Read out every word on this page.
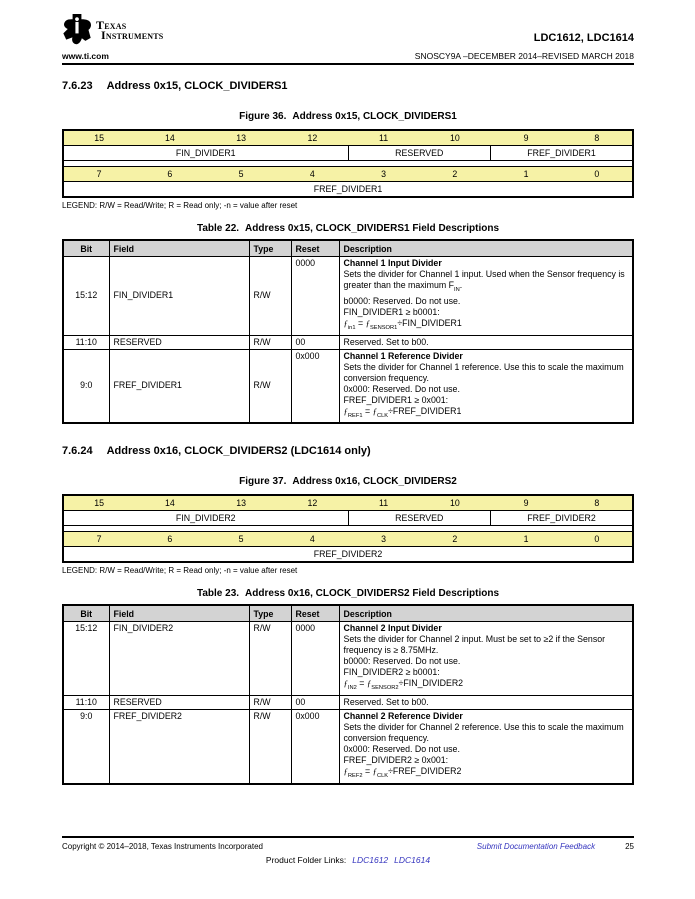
Texas
Instruments	LDC1612, LDC1614
www.ti.com	SNOSCY9A –DECEMBER 2014–REVISED MARCH 2018
7.6.23 Address 0x15, CLOCK_DIVIDERS1
Figure 36. Address 0x15, CLOCK_DIVIDERS1
15	14	13	12	11	10	9	8
FIN_DIVIDER1				RESERVED		FREF_DIVIDER1	

7	6	5	4	3	2	1	0
FREF_DIVIDER1							
LEGEND: R/W = Read/Write; R = Read only; -n = value after reset
Table 22. Address 0x15, CLOCK_DIVIDERS1 Field Descriptions
Bit	Field	Type	Reset	Description
15:12	FIN_DIVIDER1	R/W	0000	Channel 1 Input Divider
Sets the divider for Channel 1 input. Used when the Sensor frequency is greater than the maximum $F_{IN}$.
b0000: Reserved. Do not use.
FIN_DIVIDER1 ≥ b0001:
$ƒ_{in1}$ = $ƒ_{SENSOR1}\div FIN\_DIVIDER1$

11:10	RESERVED	R/W	00	Reserved. Set to b00.

9:0	FREF_DIVIDER1	R/W	0x000	Channel 1 Reference Divider
Sets the divider for Channel 1 reference. Use this to scale the maximum conversion frequency.
0x000: Reserved. Do not use.
FREF_DIVIDER1 ≥ 0x001:
$ƒ_{REF1}$ = $ƒ_{CLK}\div FREF\_DIVIDER1$
7.6.24 Address 0x16, CLOCK_DIVIDERS2 (LDC1614 only)
Figure 37. Address 0x16, CLOCK_DIVIDERS2
15	14	13	12	11	10	9	8
FIN_DIVIDER2				RESERVED		FREF_DIVIDER2	

7	6	5	4	3	2	1	0
FREF_DIVIDER2							
LEGEND: R/W = Read/Write; R = Read only; -n = value after reset
Table 23. Address 0x16, CLOCK_DIVIDERS2 Field Descriptions
Bit	Field	Type	Reset	Description
15:12	FIN_DIVIDER2	R/W	0000	Channel 2 Input Divider
Sets the divider for Channel 2 input. Must be set to ≥2 if the Sensor frequency is ≥ 8.75MHz.
b0000: Reserved. Do not use.
FIN_DIVIDER2 ≥ b0001:
$ƒ_{IN2}$ = $ƒ_{SENSOR2}\div FIN\_DIVIDER2$

11:10	RESERVED	R/W	00	Reserved. Set to b00.

9:0	FREF_DIVIDER2	R/W	0x000	Channel 2 Reference Divider
Sets the divider for Channel 2 reference. Use this to scale the maximum conversion frequency.
0x000: Reserved. Do not use.
FREF_DIVIDER2 ≥ 0x001:
$ƒ_{REF2}$ = $ƒ_{CLK}\div FREF\_DIVIDER2$
Copyright © 2014–2018, Texas Instruments Incorporated	Submit Documentation Feedback	25
Product Folder Links: LDC1612 LDC1614
